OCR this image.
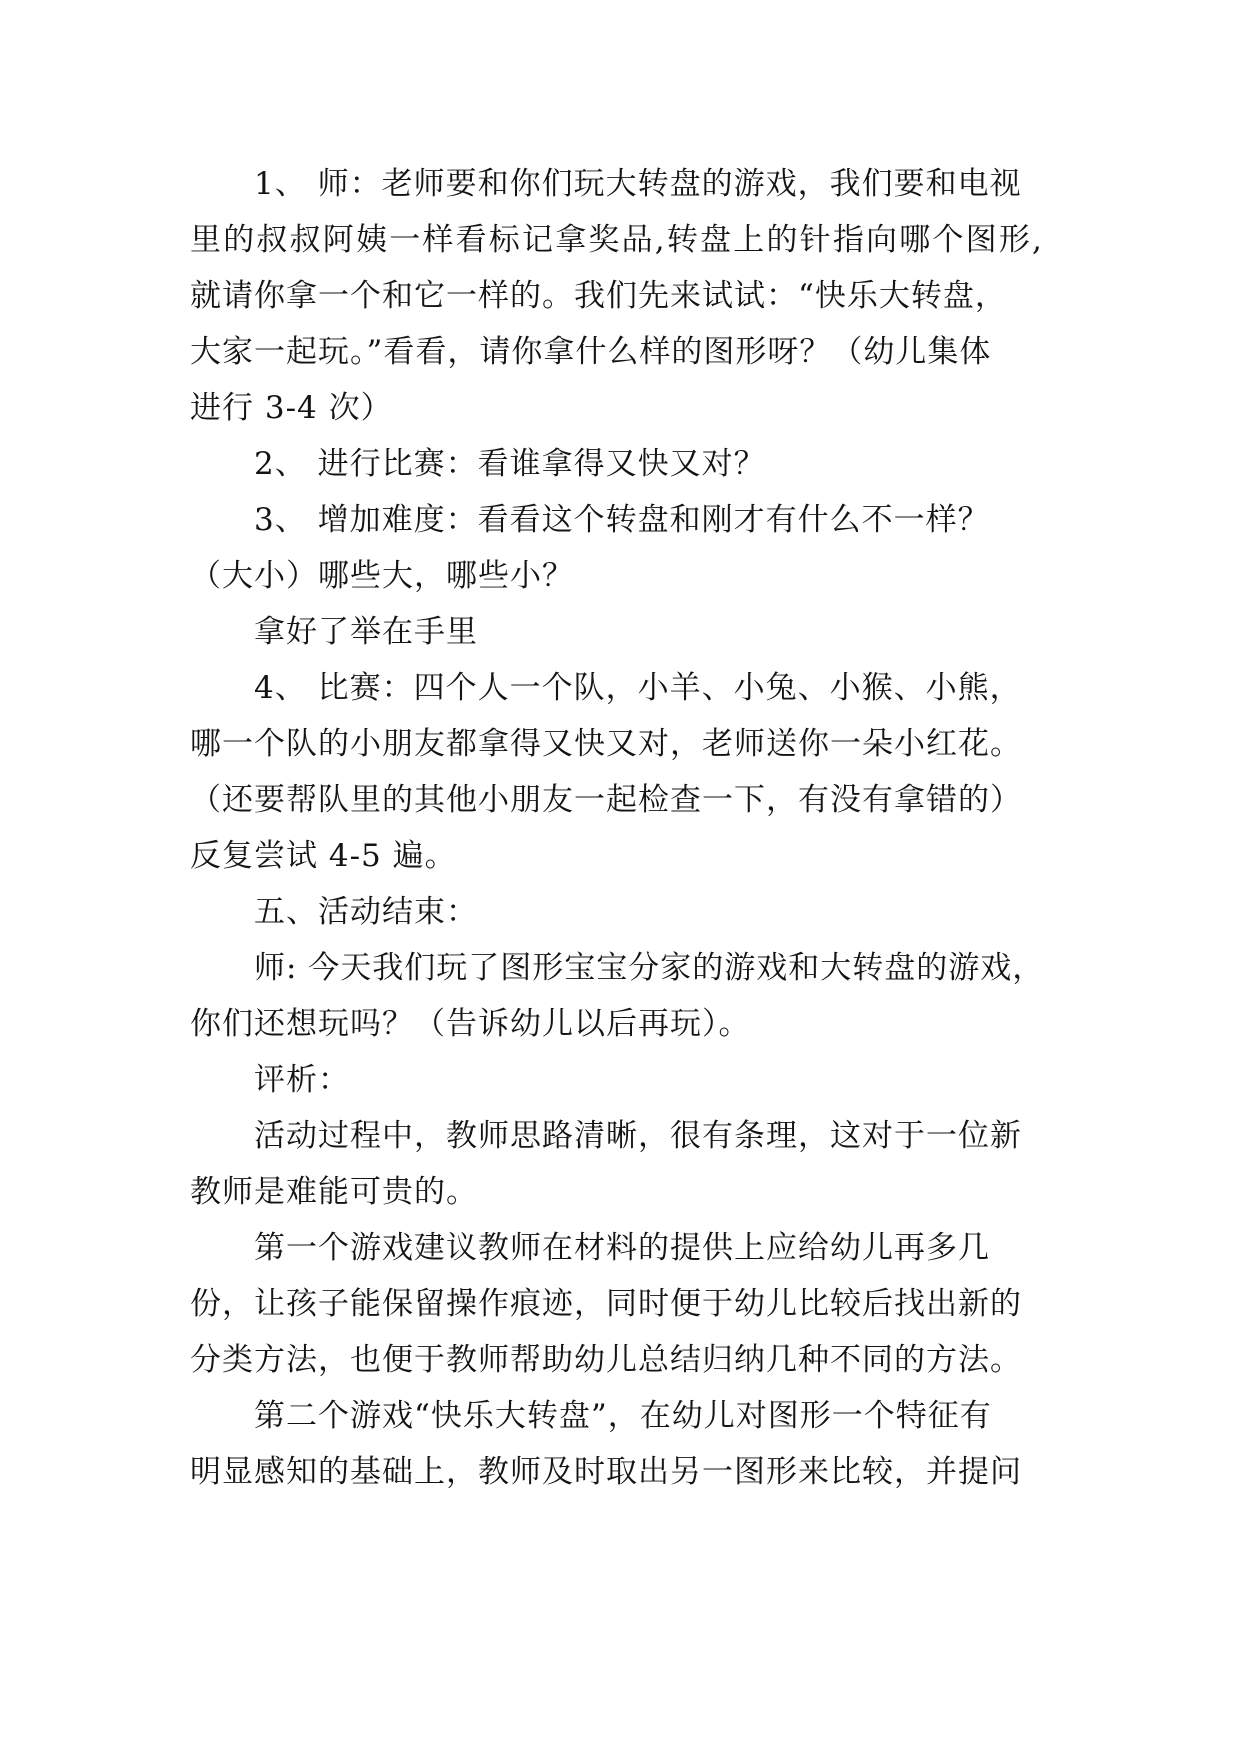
1、 师：老师要和你们玩大转盘的游戏，我们要和电视
里的叔叔阿姨一样看标记拿奖品,转盘上的针指向哪个图形,
就请你拿一个和它一样的。我们先来试试：“快乐大转盘，
大家一起玩。”看看，请你拿什么样的图形呀？（幼儿集体
进行 3-4 次）
2、 进行比赛：看谁拿得又快又对？
3、 增加难度：看看这个转盘和刚才有什么不一样？
（大小）哪些大，哪些小？
拿好了举在手里
4、 比赛：四个人一个队，小羊、小兔、小猴、小熊，
哪一个队的小朋友都拿得又快又对，老师送你一朵小红花。
（还要帮队里的其他小朋友一起检查一下，有没有拿错的）
反复尝试 4-5 遍。
五、活动结束：
师: 今天我们玩了图形宝宝分家的游戏和大转盘的游戏，
你们还想玩吗？（告诉幼儿以后再玩）。
评析：
活动过程中，教师思路清晰，很有条理，这对于一位新
教师是难能可贵的。
第一个游戏建议教师在材料的提供上应给幼儿再多几
份，让孩子能保留操作痕迹，同时便于幼儿比较后找出新的
分类方法，也便于教师帮助幼儿总结归纳几种不同的方法。
第二个游戏“快乐大转盘”，在幼儿对图形一个特征有
明显感知的基础上，教师及时取出另一图形来比较，并提问
